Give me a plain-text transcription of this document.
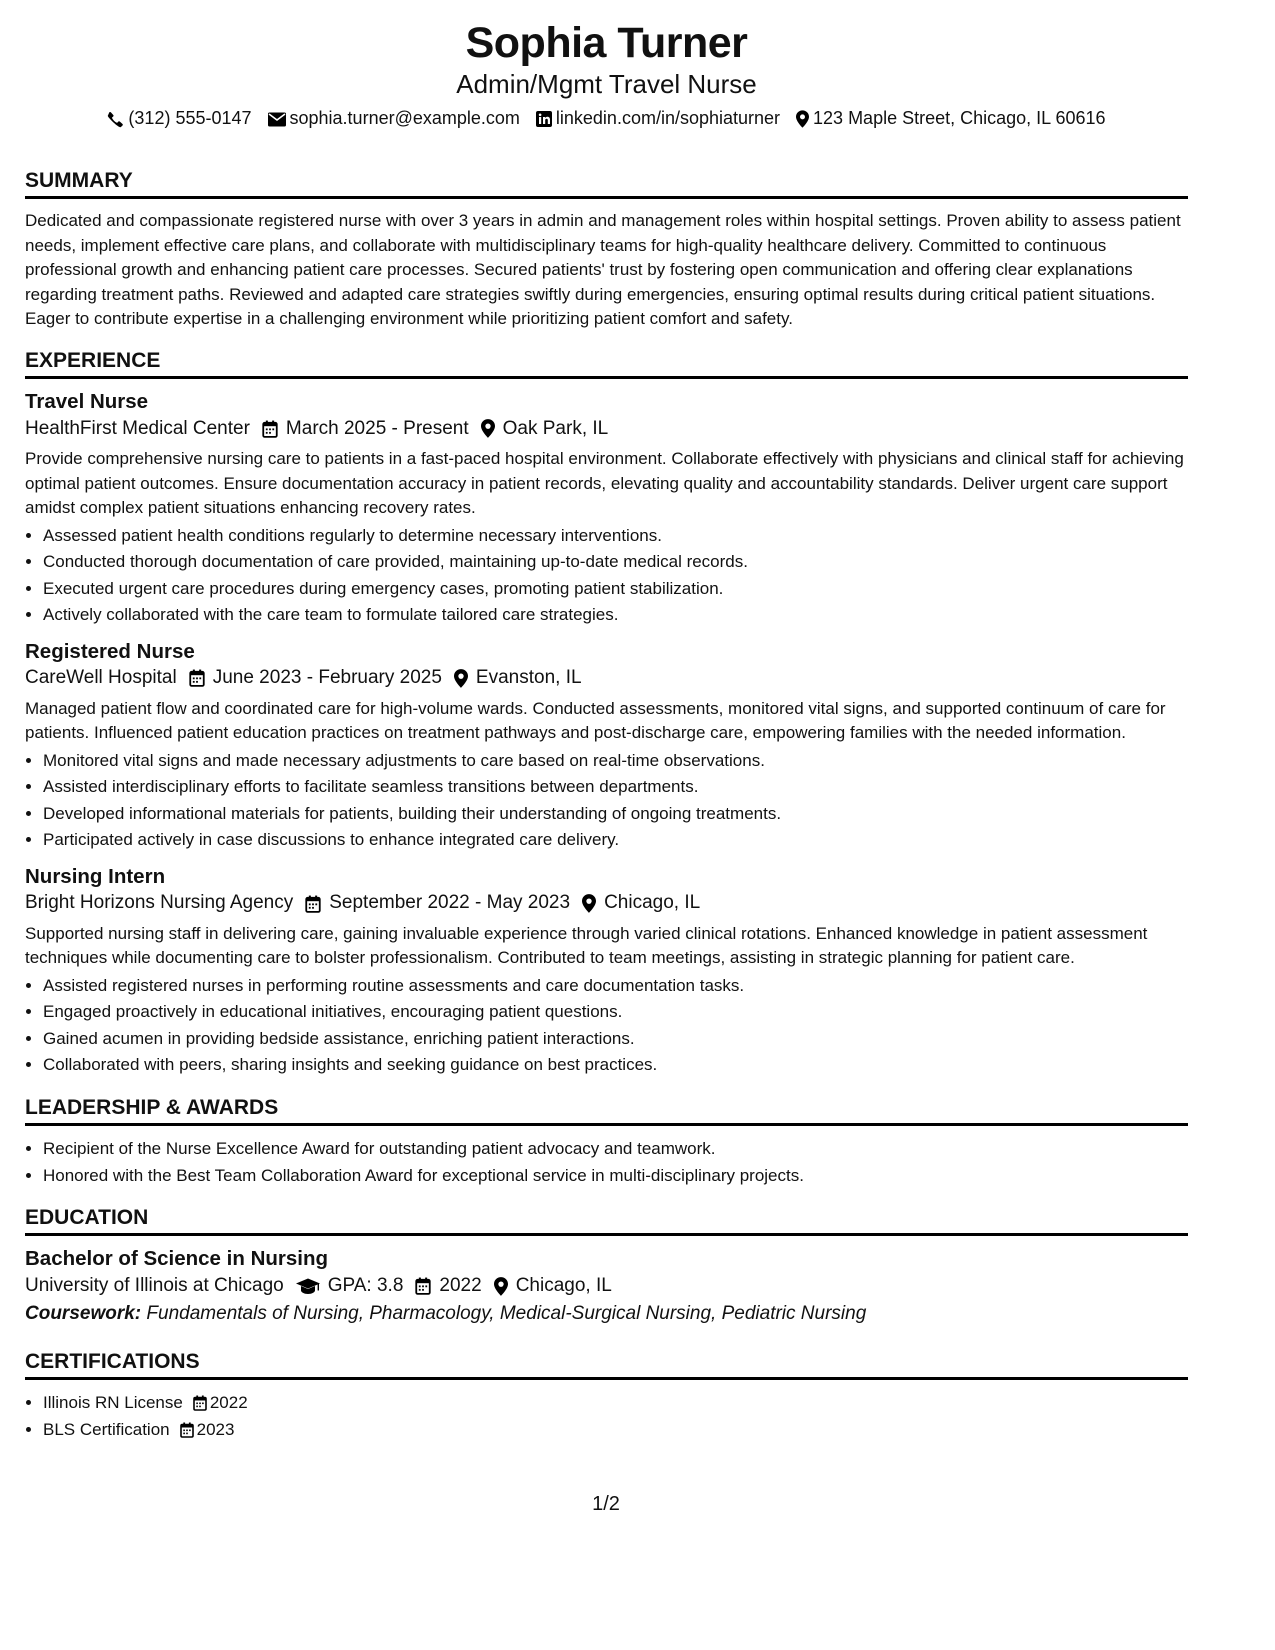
Sophia Turner
Admin/Mgmt Travel Nurse
(312) 555-0147 sophia.turner@example.com linkedin.com/in/sophiaturner 123 Maple Street, Chicago, IL 60616
SUMMARY

Dedicated and compassionate registered nurse with over 3 years in admin and management roles within hospital settings. Proven ability to assess patient needs, implement effective care plans, and collaborate with multidisciplinary teams for high-quality healthcare delivery. Committed to continuous professional growth and enhancing patient care processes. Secured patients' trust by fostering open communication and offering clear explanations regarding treatment paths. Reviewed and adapted care strategies swiftly during emergencies, ensuring optimal results during critical patient situations. Eager to contribute expertise in a challenging environment while prioritizing patient comfort and safety.

EXPERIENCE
Travel Nurse
HealthFirst Medical Center March 2025 - Present Oak Park, IL

Provide comprehensive nursing care to patients in a fast-paced hospital environment. Collaborate effectively with physicians and clinical staff for achieving optimal patient outcomes. Ensure documentation accuracy in patient records, elevating quality and accountability standards. Deliver urgent care support amidst complex patient situations enhancing recovery rates.

• Assessed patient health conditions regularly to determine necessary interventions.
• Conducted thorough documentation of care provided, maintaining up-to-date medical records.
• Executed urgent care procedures during emergency cases, promoting patient stabilization.
• Actively collaborated with the care team to formulate tailored care strategies.
Registered Nurse
CareWell Hospital June 2023 - February 2025 Evanston, IL

Managed patient flow and coordinated care for high-volume wards. Conducted assessments, monitored vital signs, and supported continuum of care for patients. Influenced patient education practices on treatment pathways and post-discharge care, empowering families with the needed information.

• Monitored vital signs and made necessary adjustments to care based on real-time observations.
• Assisted interdisciplinary efforts to facilitate seamless transitions between departments.
• Developed informational materials for patients, building their understanding of ongoing treatments.
• Participated actively in case discussions to enhance integrated care delivery.
Nursing Intern
Bright Horizons Nursing Agency September 2022 - May 2023 Chicago, IL

Supported nursing staff in delivering care, gaining invaluable experience through varied clinical rotations. Enhanced knowledge in patient assessment techniques while documenting care to bolster professionalism. Contributed to team meetings, assisting in strategic planning for patient care.

• Assisted registered nurses in performing routine assessments and care documentation tasks.
• Engaged proactively in educational initiatives, encouraging patient questions.
• Gained acumen in providing bedside assistance, enriching patient interactions.
• Collaborated with peers, sharing insights and seeking guidance on best practices.
LEADERSHIP & AWARDS
• Recipient of the Nurse Excellence Award for outstanding patient advocacy and teamwork.
• Honored with the Best Team Collaboration Award for exceptional service in multi-disciplinary projects.
EDUCATION
Bachelor of Science in Nursing
University of Illinois at Chicago GPA: 3.8 2022 Chicago, IL
Coursework: Fundamentals of Nursing, Pharmacology, Medical-Surgical Nursing, Pediatric Nursing
CERTIFICATIONS
• Illinois RN License 2022
• BLS Certification 2023
1/2
